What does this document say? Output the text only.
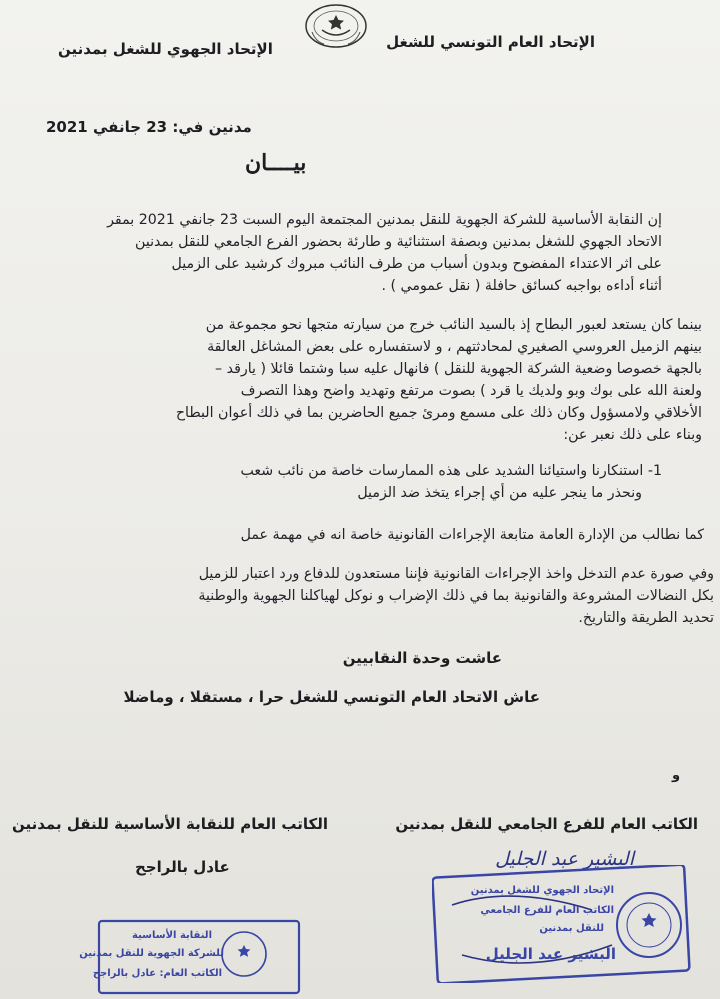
الإتحاد العام التونسي للشغل
الإتحاد الجهوي للشغل بمدنين
مدنين في: 23 جانفي 2021
بيــــان
إن النقابة الأساسية للشركة الجهوية للنقل بمدنين المجتمعة اليوم السبت 23 جانفي 2021 بمقر
الاتحاد الجهوي للشغل بمدنين وبصفة استثنائية و طارئة بحضور الفرع الجامعي للنقل بمدنين
على اثر الاعتداء المفضوح وبدون أسباب من طرف النائب مبروك كرشيد على الزميل
أثناء أداءه بواجبه كسائق حافلة ( نقل عمومي ) .
بينما كان يستعد لعبور البطاح إذ بالسيد النائب خرج من سيارته متجها نحو مجموعة من
بينهم الزميل العروسي الصغيري لمحادثتهم ، و لاستفساره على بعض المشاغل العالقة
بالجهة خصوصا وضعية الشركة الجهوية للنقل ) فانهال عليه سبا وشتما قائلا ( يارقد –
ولعنة الله على بوك وبو ولديك يا قرد ) بصوت مرتفع وتهديد واضح وهذا التصرف
الأخلاقي ولامسؤول وكان ذلك على مسمع ومرئ جميع الحاضرين بما في ذلك أعوان البطاح
وبناء على ذلك نعبر عن:
1- استنكارنا واستيائنا الشديد على هذه الممارسات خاصة من نائب شعب
ونحذر ما ينجر عليه من أي إجراء يتخذ ضد الزميل
كما نطالب من الإدارة العامة متابعة الإجراءات القانونية خاصة انه في مهمة عمل
وفي صورة عدم التدخل واخذ الإجراءات القانونية فإننا مستعدون للدفاع ورد اعتبار للزميل
بكل النضالات المشروعة والقانونية بما في ذلك الإضراب و نوكل لهياكلنا الجهوية والوطنية
تحديد الطريقة والتاريخ.
عاشت وحدة النقابيين
عاش الاتحاد العام التونسي للشغل حرا ، مستقلا ، وماضلا
و
الكاتب العام للفرع الجامعي للنقل بمدنين
الكاتب العام للنقابة الأساسية للنقل بمدنين
عادل بالراجح	البشير عبد الجليل
الإتحاد الجهوي للشغل بمدنين
الكاتب العام للفرع الجامعي
للنقل بمدنين
البشير عبد الجليل
النقابة الأساسية
للشركة الجهوية للنقل بمدنين
الكاتب العام: عادل بالراجح
